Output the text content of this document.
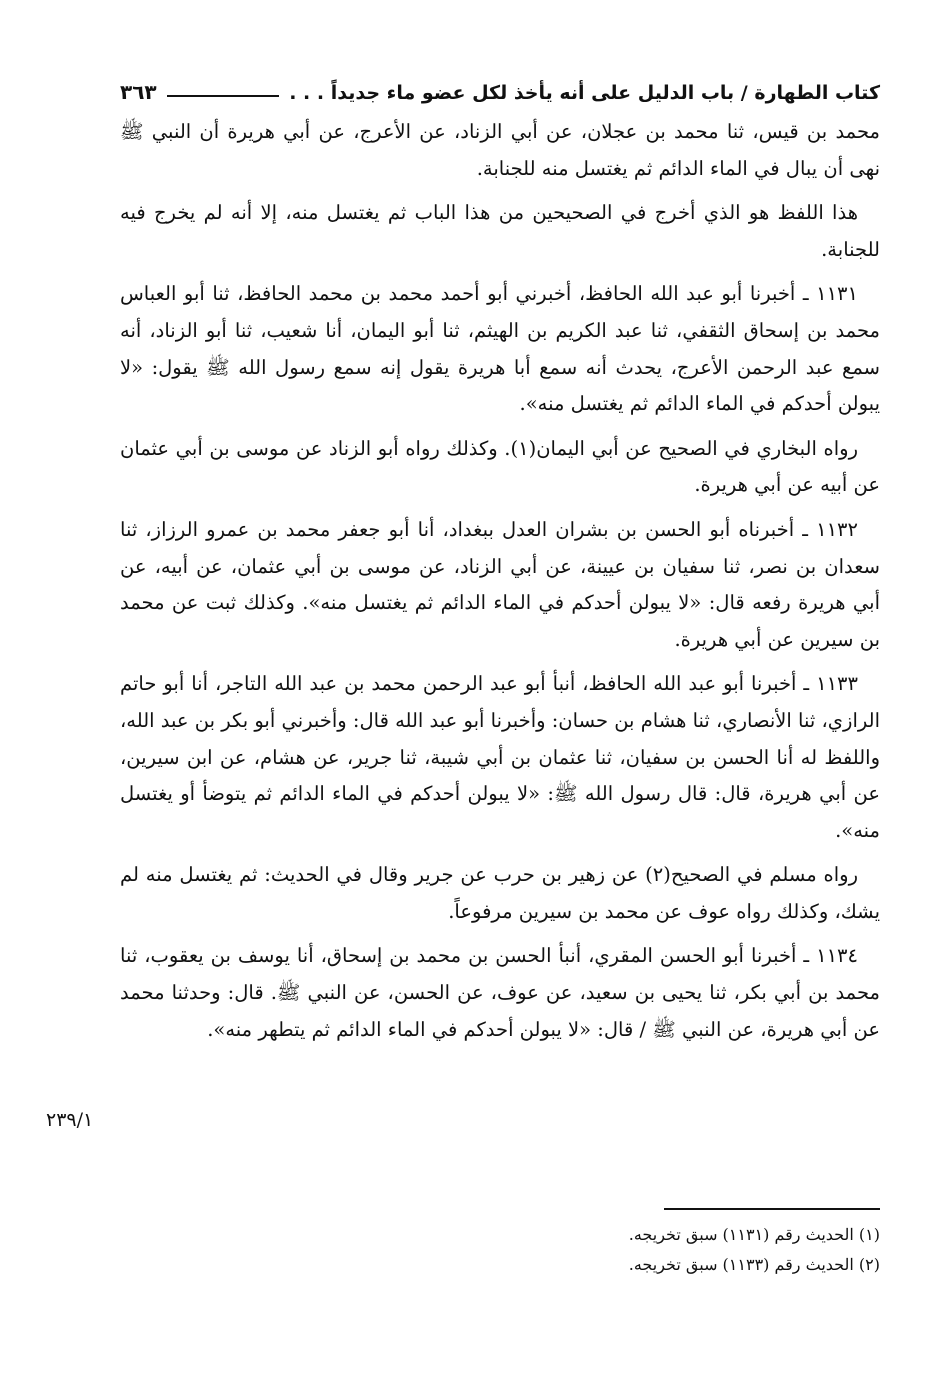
كتاب الطهارة / باب الدليل على أنه يأخذ لكل عضو ماء جديداً . . .
٣٦٣

محمد بن قيس، ثنا محمد بن عجلان، عن أبي الزناد، عن الأعرج، عن أبي هريرة أن النبي ﷺ نهى أن يبال في الماء الدائم ثم يغتسل منه للجنابة.

هذا اللفظ هو الذي أخرج في الصحيحين من هذا الباب ثم يغتسل منه، إلا أنه لم يخرج فيه للجنابة.

١١٣١ ـ أخبرنا أبو عبد الله الحافظ، أخبرني أبو أحمد محمد بن محمد الحافظ، ثنا أبو العباس محمد بن إسحاق الثقفي، ثنا عبد الكريم بن الهيثم، ثنا أبو اليمان، أنا شعيب، ثنا أبو الزناد، أنه سمع عبد الرحمن الأعرج، يحدث أنه سمع أبا هريرة يقول إنه سمع رسول الله ﷺ يقول: «لا يبولن أحدكم في الماء الدائم ثم يغتسل منه».

رواه البخاري في الصحيح عن أبي اليمان(١). وكذلك رواه أبو الزناد عن موسى بن أبي عثمان عن أبيه عن أبي هريرة.

١١٣٢ ـ أخبرناه أبو الحسن بن بشران العدل ببغداد، أنا أبو جعفر محمد بن عمرو الرزاز، ثنا سعدان بن نصر، ثنا سفيان بن عيينة، عن أبي الزناد، عن موسى بن أبي عثمان، عن أبيه، عن أبي هريرة رفعه قال: «لا يبولن أحدكم في الماء الدائم ثم يغتسل منه». وكذلك ثبت عن محمد بن سيرين عن أبي هريرة.

١١٣٣ ـ أخبرنا أبو عبد الله الحافظ، أنبأ أبو عبد الرحمن محمد بن عبد الله التاجر، أنا أبو حاتم الرازي، ثنا الأنصاري، ثنا هشام بن حسان: وأخبرنا أبو عبد الله قال: وأخبرني أبو بكر بن عبد الله، واللفظ له أنا الحسن بن سفيان، ثنا عثمان بن أبي شيبة، ثنا جرير، عن هشام، عن ابن سيرين، عن أبي هريرة، قال: قال رسول الله ﷺ: «لا يبولن أحدكم في الماء الدائم ثم يتوضأ أو يغتسل منه».

رواه مسلم في الصحيح(٢) عن زهير بن حرب عن جرير وقال في الحديث: ثم يغتسل منه لم يشك، وكذلك رواه عوف عن محمد بن سيرين مرفوعاً.

١١٣٤ ـ أخبرنا أبو الحسن المقري، أنبأ الحسن بن محمد بن إسحاق، أنا يوسف بن يعقوب، ثنا محمد بن أبي بكر، ثنا يحيى بن سعيد، عن عوف، عن الحسن، عن النبي ﷺ. قال: وحدثنا محمد عن أبي هريرة، عن النبي ﷺ / قال: «لا يبولن أحدكم في الماء الدائم ثم يتطهر منه».

٢٣٩/١
(١) الحديث رقم (١١٣١) سبق تخريجه.
(٢) الحديث رقم (١١٣٣) سبق تخريجه.
